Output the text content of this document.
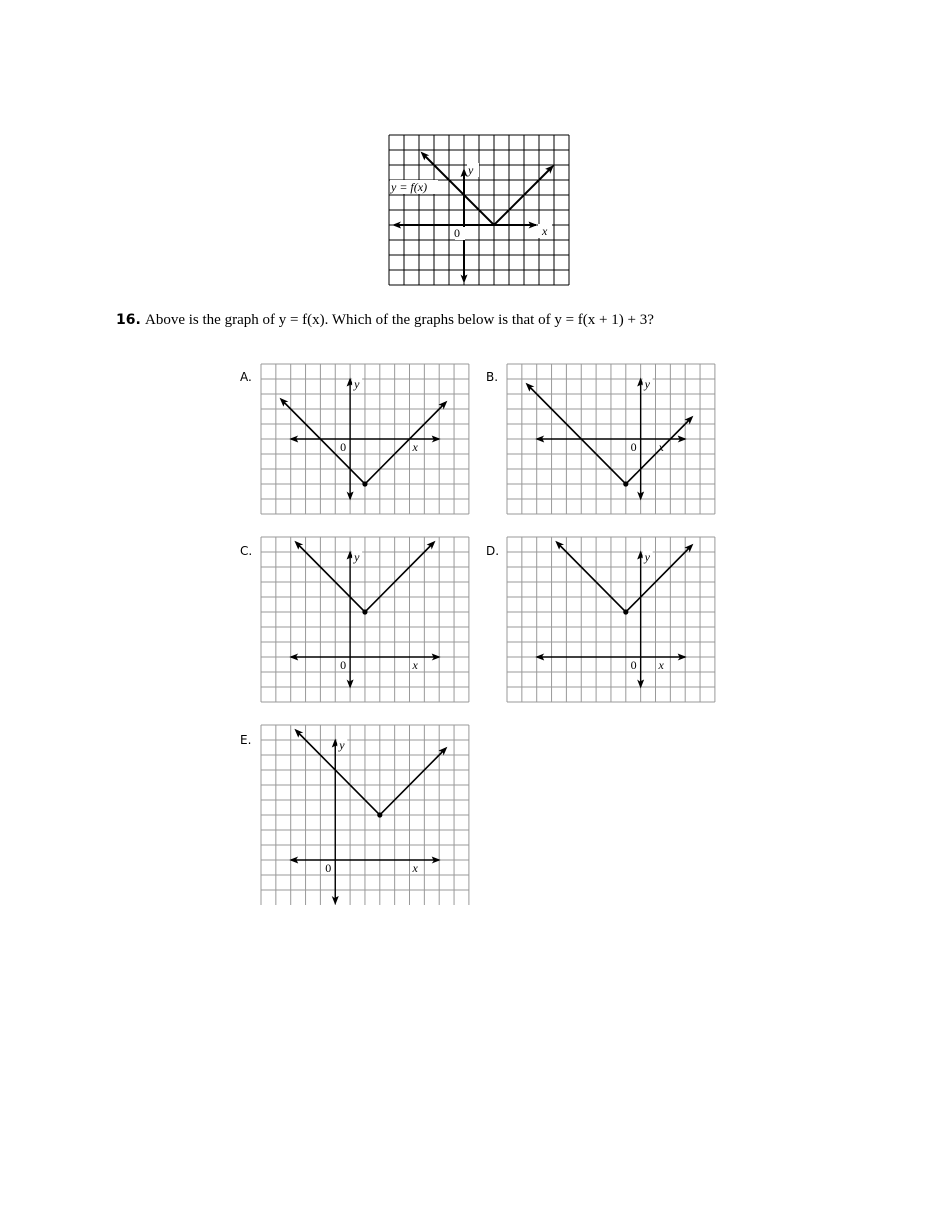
y = f(x)
0	x
y
16. Above is the graph of y = f(x). Which of the graphs below is that of y = f(x + 1) + 3?
A.	B.
C.	D.
E.
y
0	x
y
0 x
y
0	x
y
0 x
y
0	x
